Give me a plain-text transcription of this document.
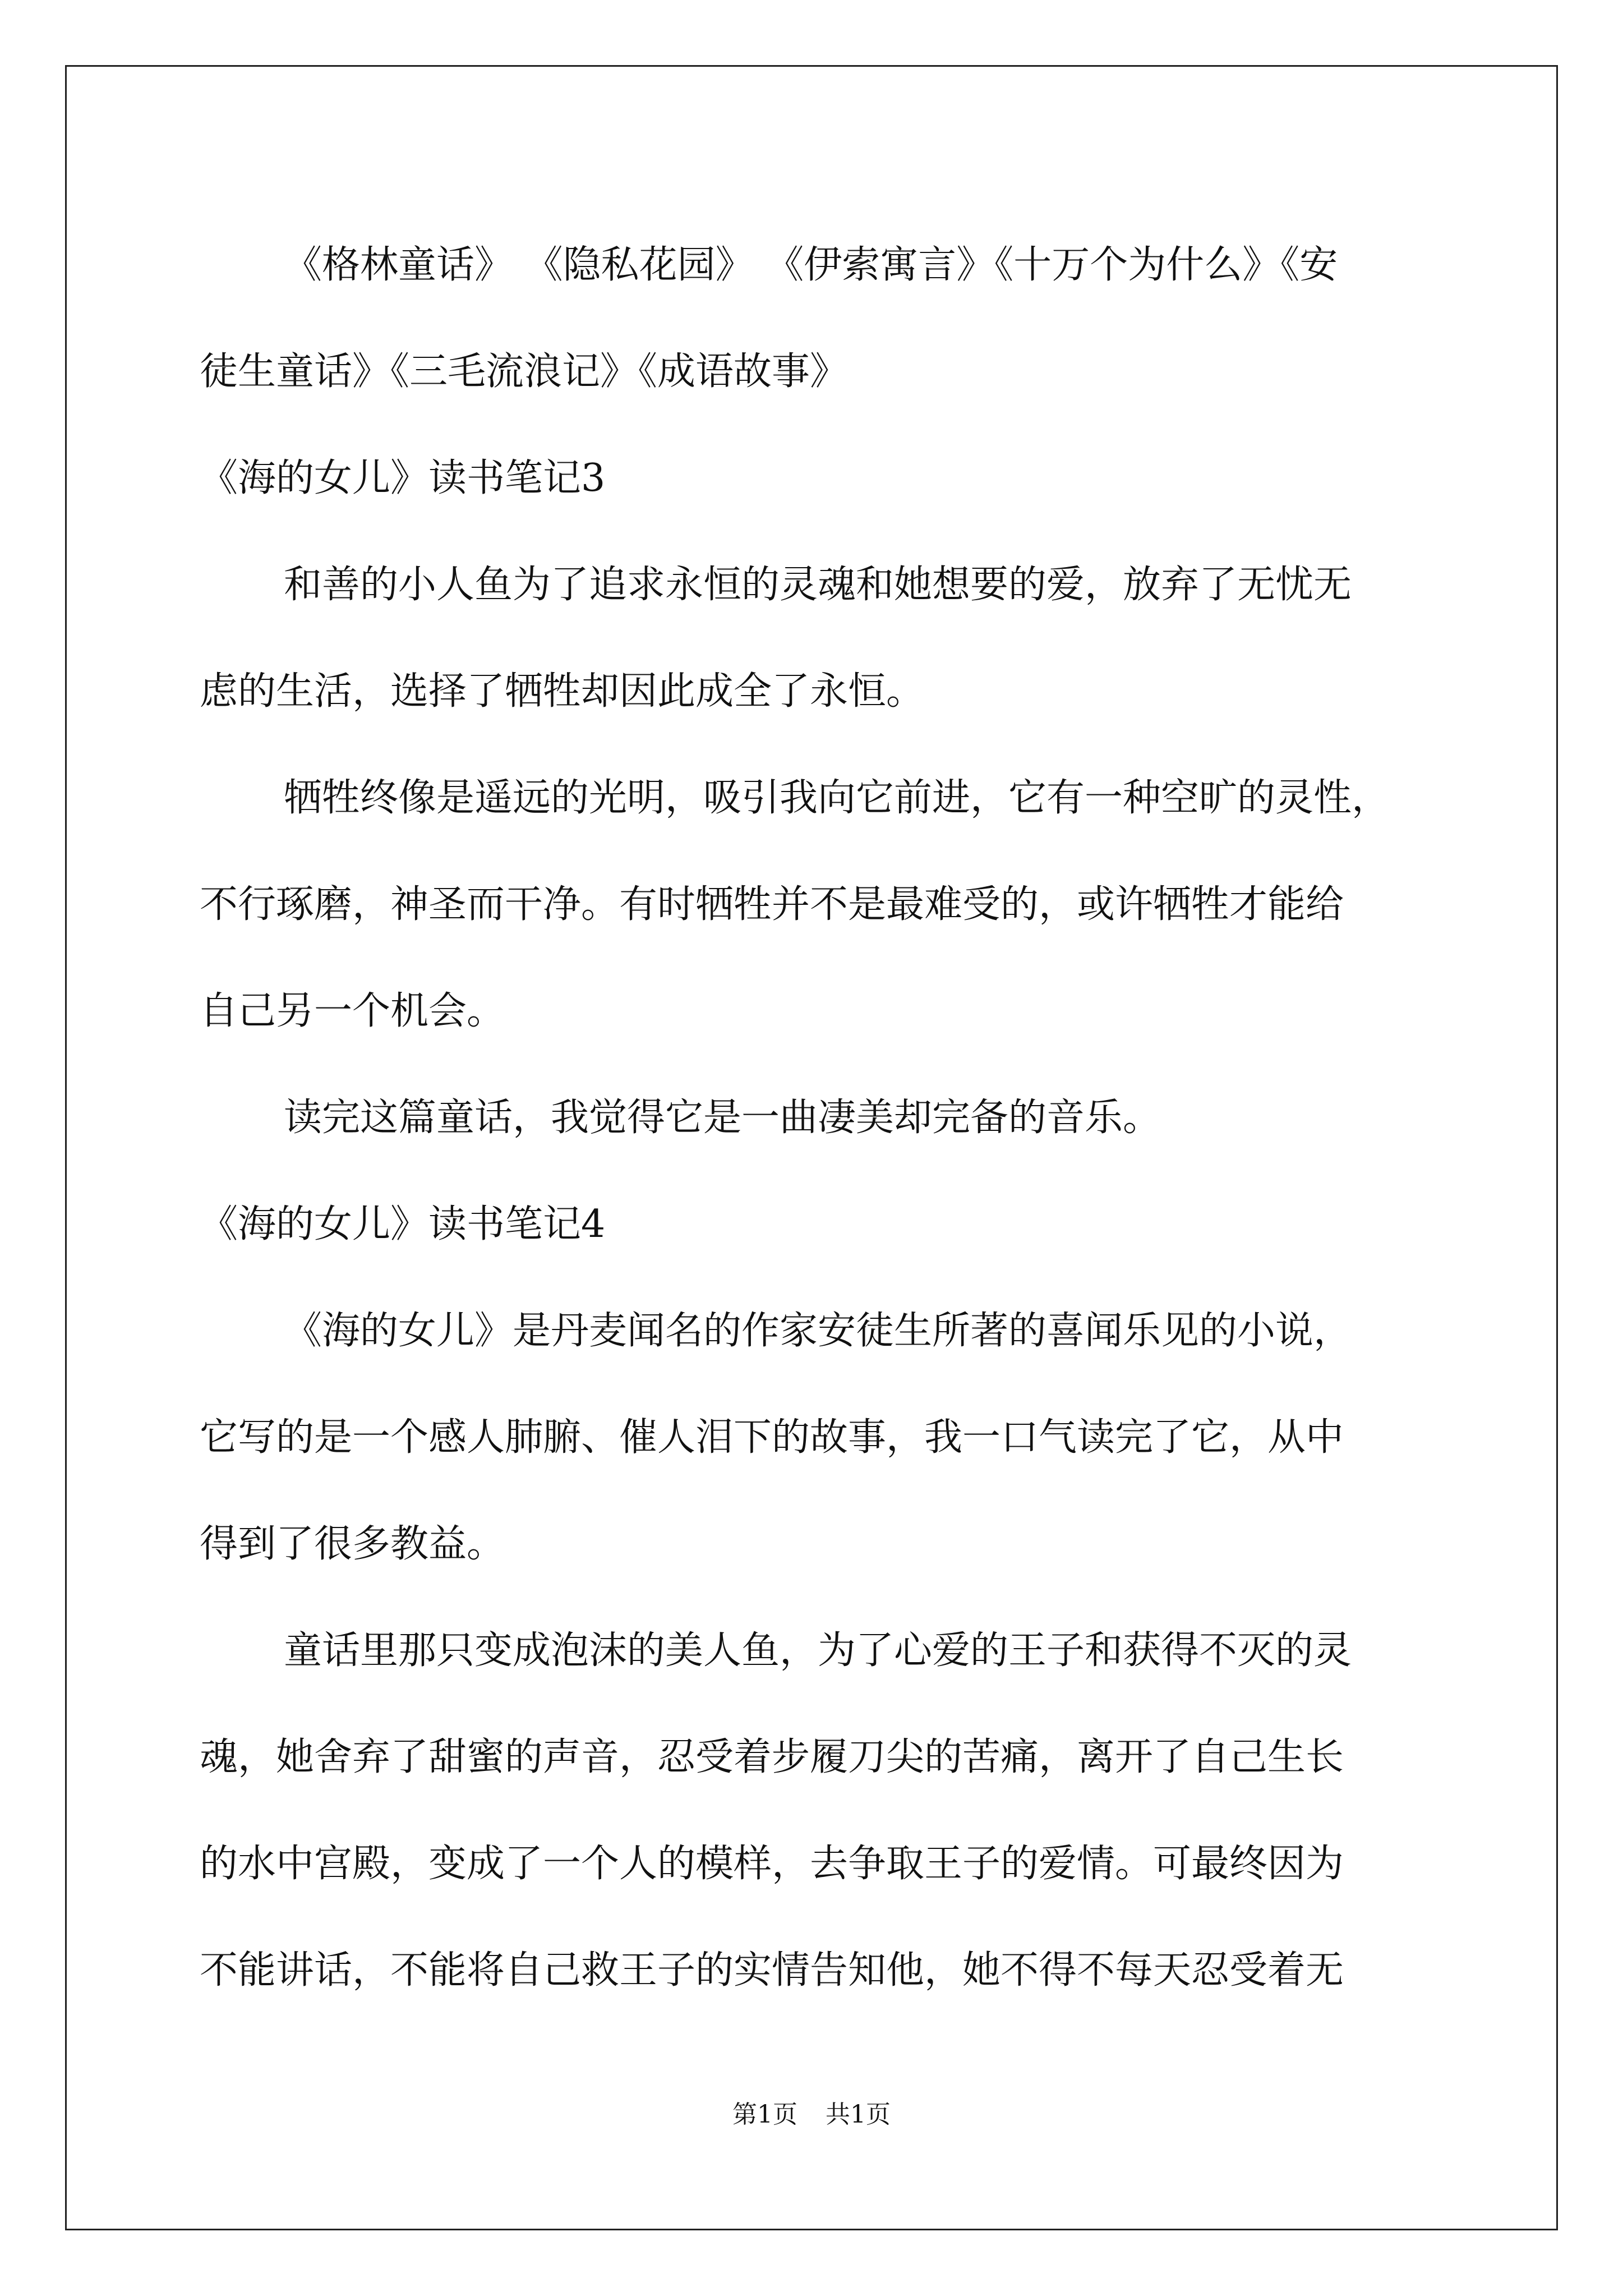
《格林童话》 《隐私花园》 《伊索寓言》《十万个为什么》《安
徒生童话》《三毛流浪记》《成语故事》
《海的女儿》读书笔记3
和善的小人鱼为了追求永恒的灵魂和她想要的爱，放弃了无忧无
虑的生活，选择了牺牲却因此成全了永恒。
牺牲终像是遥远的光明，吸引我向它前进，它有一种空旷的灵性，
不行琢磨，神圣而干净。有时牺牲并不是最难受的，或许牺牲才能给
自己另一个机会。
读完这篇童话，我觉得它是一曲凄美却完备的音乐。
《海的女儿》读书笔记4
《海的女儿》是丹麦闻名的作家安徒生所著的喜闻乐见的小说，
它写的是一个感人肺腑、催人泪下的故事，我一口气读完了它，从中
得到了很多教益。
童话里那只变成泡沫的美人鱼，为了心爱的王子和获得不灭的灵
魂，她舍弃了甜蜜的声音，忍受着步履刀尖的苦痛，离开了自己生长
的水中宫殿，变成了一个人的模样，去争取王子的爱情。可最终因为
不能讲话，不能将自己救王子的实情告知他，她不得不每天忍受着无
第1页 共1页
